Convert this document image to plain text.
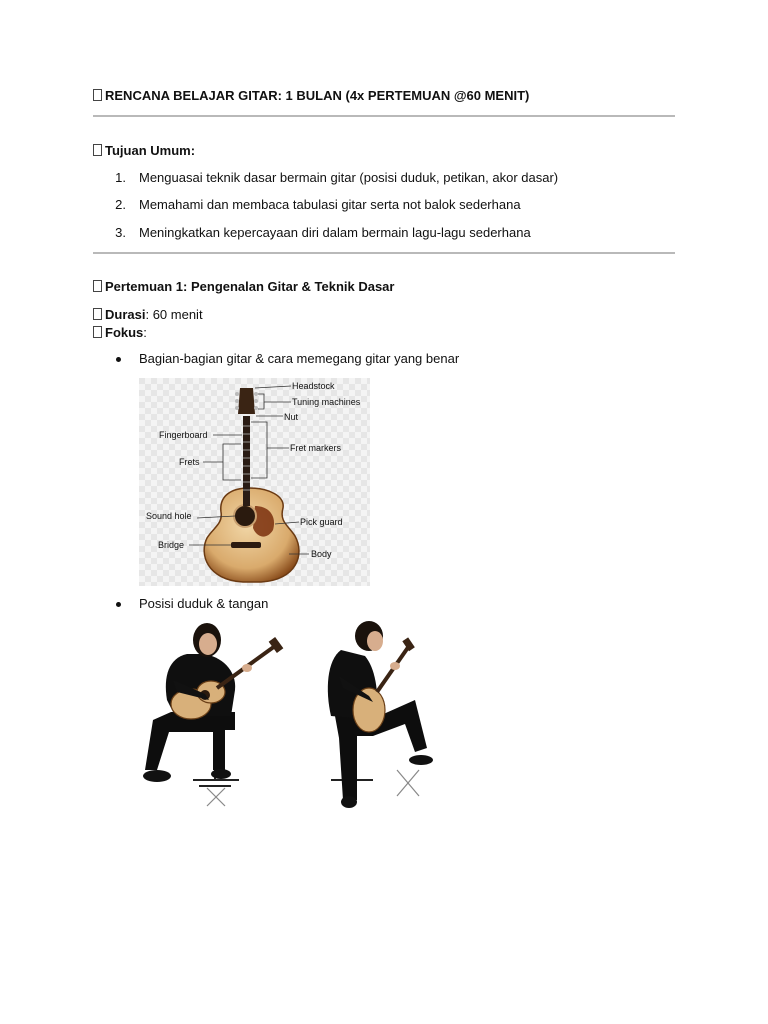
RENCANA BELAJAR GITAR: 1 BULAN (4x PERTEMUAN @60 MENIT)
Tujuan Umum:
1. Menguasai teknik dasar bermain gitar (posisi duduk, petikan, akor dasar)
2. Memahami dan membaca tabulasi gitar serta not balok sederhana
3. Meningkatkan kepercayaan diri dalam bermain lagu-lagu sederhana
Pertemuan 1: Pengenalan Gitar & Teknik Dasar
Durasi: 60 menit
Fokus:
Bagian-bagian gitar & cara memegang gitar yang benar
Headstock
Tuning machines
Nut
Fingerboard
Fret markers
Frets
Sound hole
Pick guard
Bridge
Body
Posisi duduk & tangan
